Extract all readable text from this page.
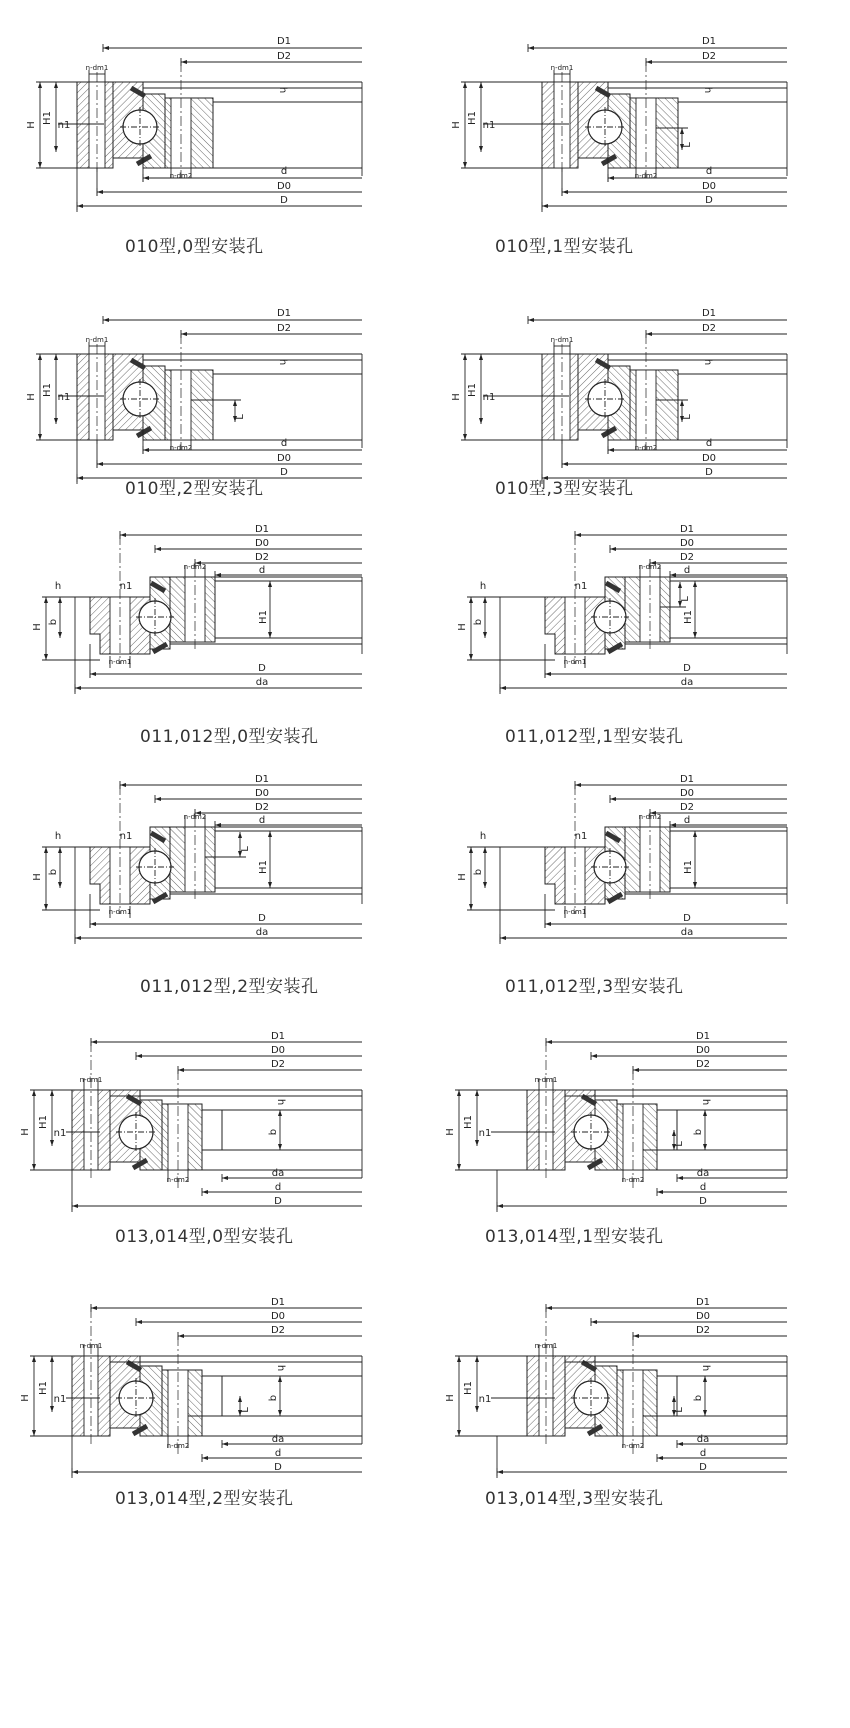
D1
D2
d
D0
D
H
H1
n1
n-dm1
n-dm2
h
010型,0型安装孔
D1
D2
d
D0
D
H
H1
n1
n-dm1
n-dm2
h
L
010型,1型安装孔
D1
D2
d
D0
D
H
H1
n1
n-dm1
n-dm2
h
L
010型,2型安装孔
D1
D2
d
D0
D
H
H1
n1
n-dm1
n-dm2
h
L
010型,3型安装孔
D1
D0
D2
d
D
da
H
b
h
H1
n1
n-dm1
n-dm2
011,012型,0型安装孔
D1
D0
D2
d
D
da
H
b
h
H1
n1
n-dm1
n-dm2
L
011,012型,1型安装孔
D1
D0
D2
d
D
da
H
b
h
H1
n1
n-dm1
n-dm2
L
011,012型,2型安装孔
D1
D0
D2
d
D
da
H
b
h
H1
n1
n-dm1
n-dm2
011,012型,3型安装孔
D1
D0
D2
da
d
D
H
H1
n1	b
h
n-dm1
n-dm2
013,014型,0型安装孔
D1
D0
D2
da
d
D
H
H1
n1	b
h
n-dm1
n-dm2
L
013,014型,1型安装孔
D1
D0
D2
da
d
D
H
H1
n1	b
h
n-dm1
n-dm2
L
013,014型,2型安装孔
D1
D0
D2
da
d
D
H
H1
n1	b
h
n-dm1
n-dm2
L
013,014型,3型安装孔
